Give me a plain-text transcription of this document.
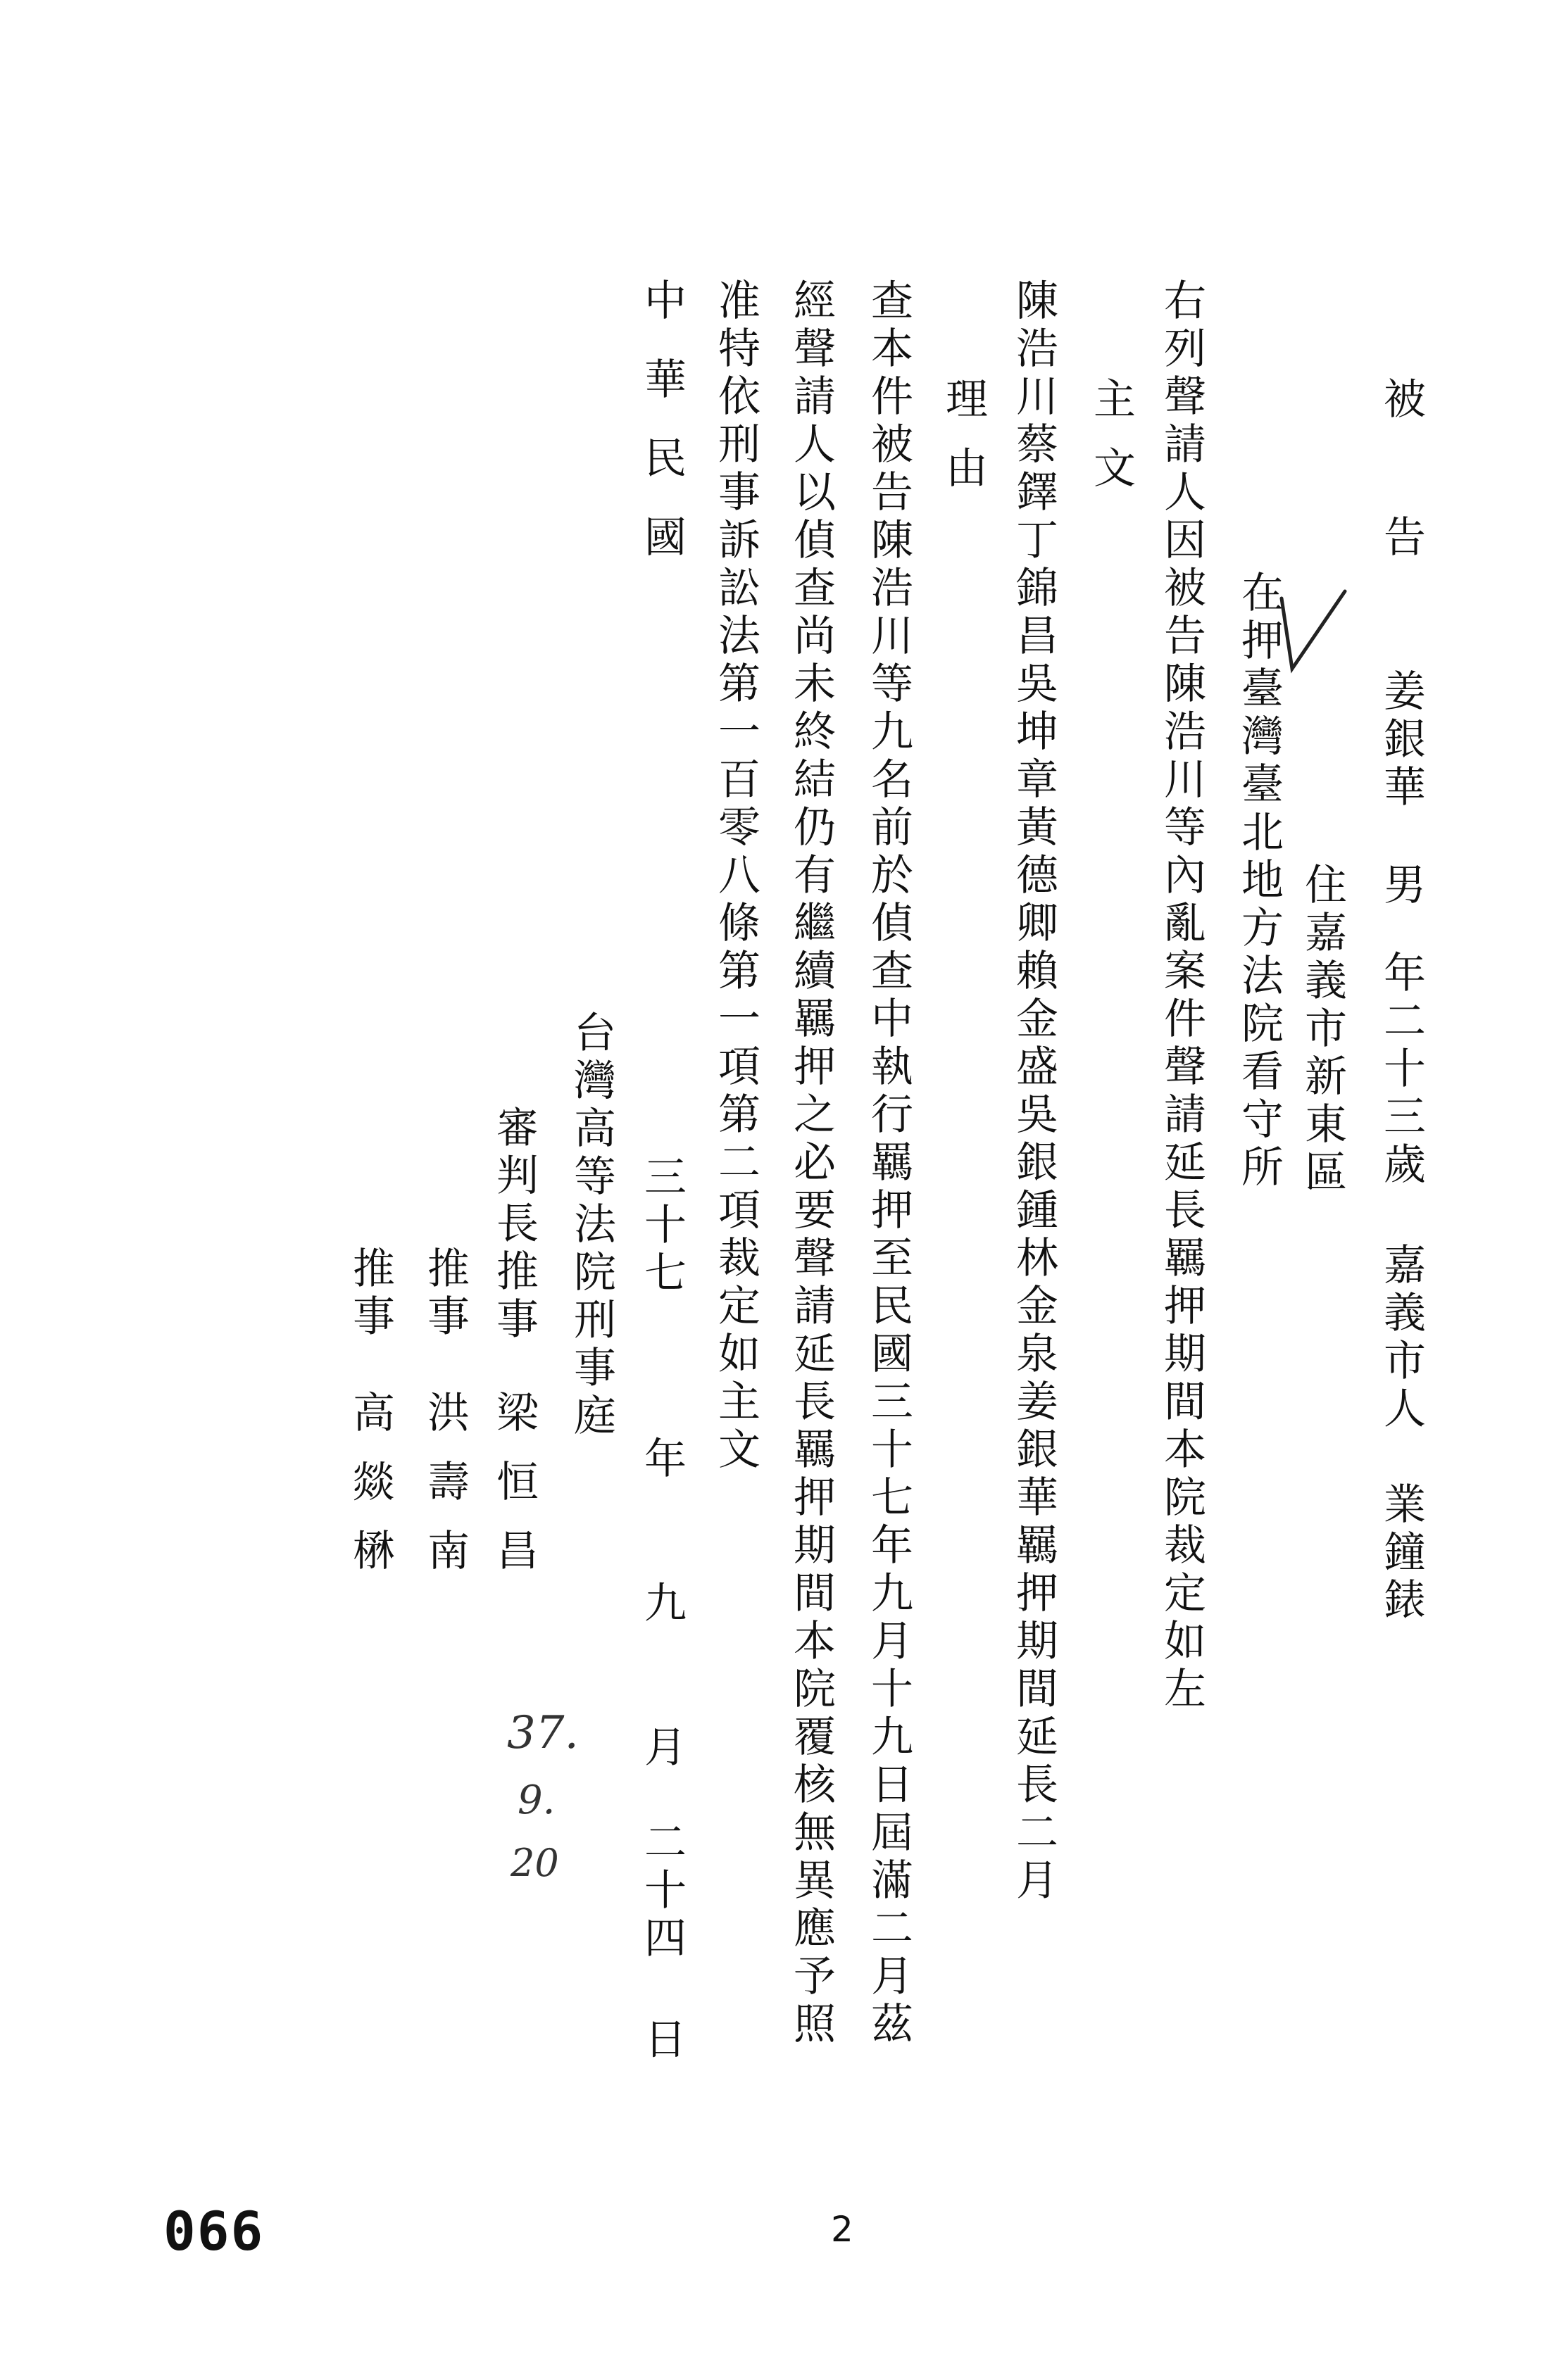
被　告
姜銀華
男
年二十三歲
嘉義市人
業鐘錶
住嘉義市新東區
在押臺灣臺北地方法院看守所
右列聲請人因被告陳浩川等內亂案件聲請延長羈押期間本院裁定如左
主文
陳浩川蔡鐸丁錦昌吳坤章黃德卿賴金盛吳銀鍾林金泉姜銀華羈押期間延長二月
理由
查本件被告陳浩川等九名前於偵查中執行羈押至民國三十七年九月十九日屆滿二月茲
經聲請人以偵查尚未終結仍有繼續羈押之必要聲請延長羈押期間本院覆核無異應予照
准特依刑事訴訟法第一百零八條第一項第二項裁定如主文
中華民國
三十七
年
九
月
二十四
日
台灣高等法院刑事庭
審判長推事
梁恒昌
推事
洪壽南
推事
高燚楙
37.
9.
20
066	2
